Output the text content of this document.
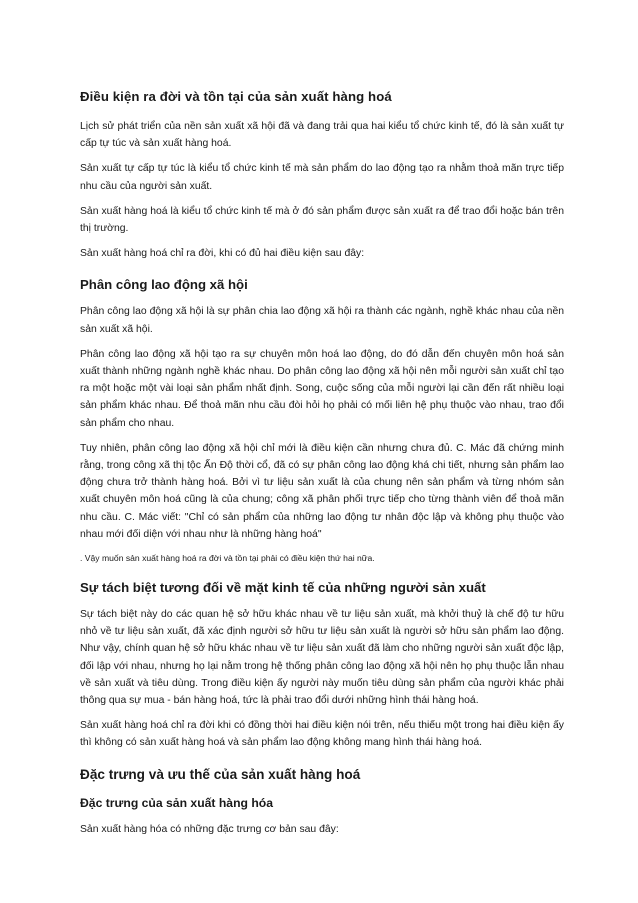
Điều kiện ra đời và tồn tại của sản xuất hàng hoá

Lịch sử phát triển của nền sản xuất xã hội đã và đang trải qua hai kiểu tổ chức kinh tế, đó là sản xuất tự cấp tự túc và sản xuất hàng hoá.

Sản xuất tự cấp tự túc là kiểu tổ chức kinh tế mà sản phẩm do lao động tạo ra nhằm thoả mãn trực tiếp nhu cầu của người sản xuất.

Sản xuất hàng hoá là kiểu tổ chức kinh tế mà ở đó sản phẩm được sản xuất ra để trao đổi hoặc bán trên thị trường.

Sản xuất hàng hoá chỉ ra đời, khi có đủ hai điều kiện sau đây:

Phân công lao động xã hội

Phân công lao động xã hội là sự phân chia lao động xã hội ra thành các ngành, nghề khác nhau của nền sản xuất xã hội.

Phân công lao động xã hội tạo ra sự chuyên môn hoá lao động, do đó dẫn đến chuyên môn hoá sản xuất thành những ngành nghề khác nhau. Do phân công lao động xã hội nên mỗi người sản xuất chỉ tạo ra một hoặc một vài loại sản phẩm nhất định. Song, cuộc sống của mỗi người lại cần đến rất nhiều loại sản phẩm khác nhau. Để thoả mãn nhu cầu đòi hỏi họ phải có mối liên hệ phụ thuộc vào nhau, trao đổi sản phẩm cho nhau.

Tuy nhiên, phân công lao động xã hội chỉ mới là điều kiện cần nhưng chưa đủ. C. Mác đã chứng minh rằng, trong công xã thị tộc Ấn Độ thời cổ, đã có sự phân công lao động khá chi tiết, nhưng sản phẩm lao động chưa trở thành hàng hoá. Bởi vì tư liệu sản xuất là của chung nên sản phẩm và từng nhóm sản xuất chuyên môn hoá cũng là của chung; công xã phân phối trực tiếp cho từng thành viên để thoả mãn nhu cầu. C. Mác viết: "Chỉ có sản phẩm của những lao động tư nhân độc lập và không phụ thuộc vào nhau mới đối diện với nhau như là những hàng hoá"

. Vậy muốn sản xuất hàng hoá ra đời và tồn tại phải có điều kiện thứ hai nữa.

Sự tách biệt tương đối về mặt kinh tế của những người sản xuất

Sự tách biệt này do các quan hệ sở hữu khác nhau về tư liệu sản xuất, mà khởi thuỷ là chế độ tư hữu nhỏ về tư liệu sản xuất, đã xác định người sở hữu tư liệu sản xuất là người sở hữu sản phẩm lao động. Như vậy, chính quan hệ sở hữu khác nhau về tư liệu sản xuất đã làm cho những người sản xuất độc lập, đối lập với nhau, nhưng họ lại nằm trong hệ thống phân công lao động xã hội nên họ phụ thuộc lẫn nhau về sản xuất và tiêu dùng. Trong điều kiện ấy người này muốn tiêu dùng sản phẩm của người khác phải thông qua sự mua - bán hàng hoá, tức là phải trao đổi dưới những hình thái hàng hoá.

Sản xuất hàng hoá chỉ ra đời khi có đồng thời hai điều kiện nói trên, nếu thiếu một trong hai điều kiện ấy thì không có sản xuất hàng hoá và sản phẩm lao động không mang hình thái hàng hoá.

Đặc trưng và ưu thế của sản xuất hàng hoá
Đặc trưng của sản xuất hàng hóa

Sản xuất hàng hóa có những đặc trưng cơ bản sau đây:
